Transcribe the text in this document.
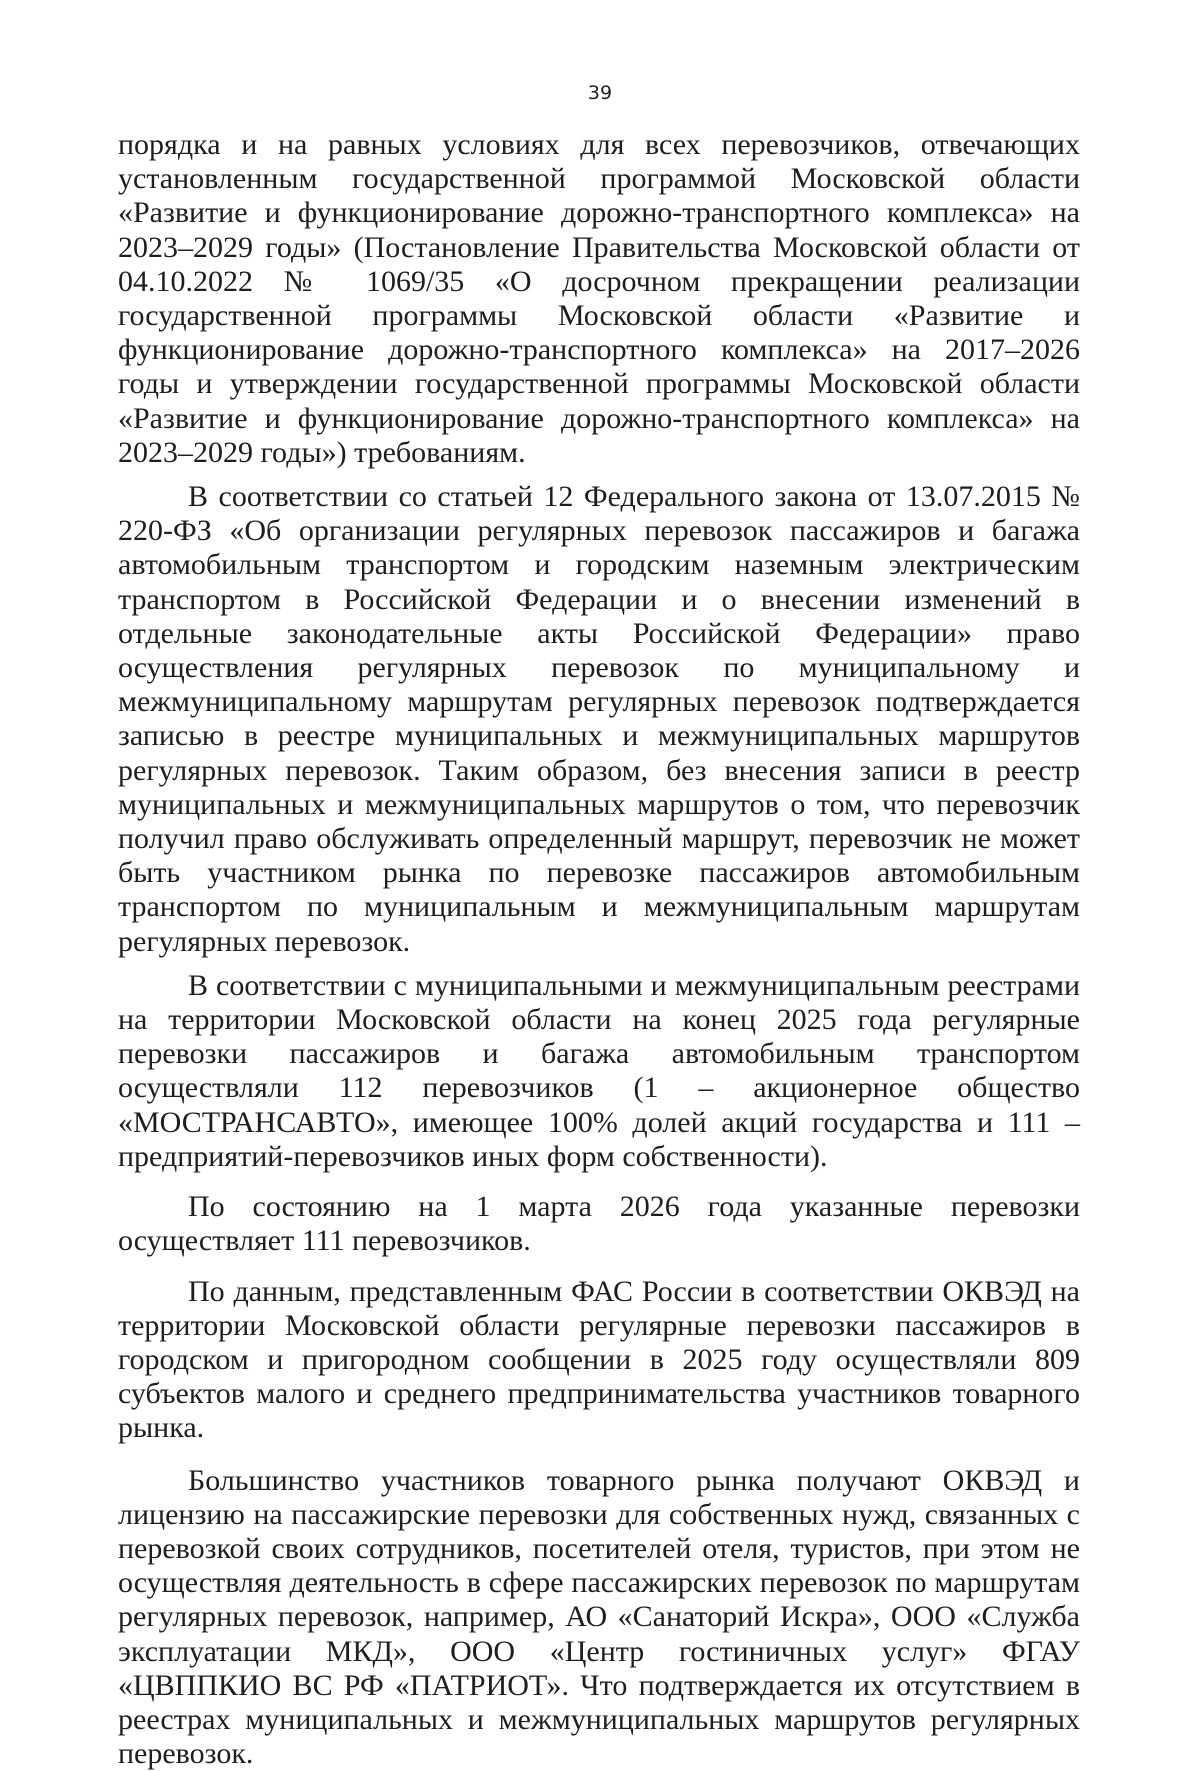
39

порядка и на равных условиях для всех перевозчиков, отвечающих установленным государственной программой Московской области «Развитие и функционирование дорожно-транспортного комплекса» на 2023–2029 годы» (Постановление Правительства Московской области от 04.10.2022 № 1069/35 «О досрочном прекращении реализации государственной программы Московской области «Развитие и функционирование дорожно-транспортного комплекса» на 2017–2026 годы и утверждении государственной программы Московской области «Развитие и функционирование дорожно-транспортного комплекса» на 2023–2029 годы») требованиям.

В соответствии со статьей 12 Федерального закона от 13.07.2015 № 220-ФЗ «Об организации регулярных перевозок пассажиров и багажа автомобильным транспортом и городским наземным электрическим транспортом в Российской Федерации и о внесении изменений в отдельные законодательные акты Российской Федерации» право осуществления регулярных перевозок по муниципальному и межмуниципальному маршрутам регулярных перевозок подтверждается записью в реестре муниципальных и межмуниципальных маршрутов регулярных перевозок. Таким образом, без внесения записи в реестр муниципальных и межмуниципальных маршрутов о том, что перевозчик получил право обслуживать определенный маршрут, перевозчик не может быть участником рынка по перевозке пассажиров автомобильным транспортом по муниципальным и межмуниципальным маршрутам регулярных перевозок.

В соответствии с муниципальными и межмуниципальным реестрами на территории Московской области на конец 2025 года регулярные перевозки пассажиров и багажа автомобильным транспортом осуществляли 112 перевозчиков (1 – акционерное общество «МОСТРАНСАВТО», имеющее 100% долей акций государства и 111 – предприятий-перевозчиков иных форм собственности).

По состоянию на 1 марта 2026 года указанные перевозки осуществляет 111 перевозчиков.

По данным, представленным ФАС России в соответствии ОКВЭД на территории Московской области регулярные перевозки пассажиров в городском и пригородном сообщении в 2025 году осуществляли 809 субъектов малого и среднего предпринимательства участников товарного рынка.

Большинство участников товарного рынка получают ОКВЭД и лицензию на пассажирские перевозки для собственных нужд, связанных с перевозкой своих сотрудников, посетителей отеля, туристов, при этом не осуществляя деятельность в сфере пассажирских перевозок по маршрутам регулярных перевозок, например, АО «Санаторий Искра», ООО «Служба эксплуатации МКД», ООО «Центр гостиничных услуг» ФГАУ «ЦВППКИО ВС РФ «ПАТРИОТ». Что подтверждается их отсутствием в реестрах муниципальных и межмуниципальных маршрутов регулярных перевозок.
